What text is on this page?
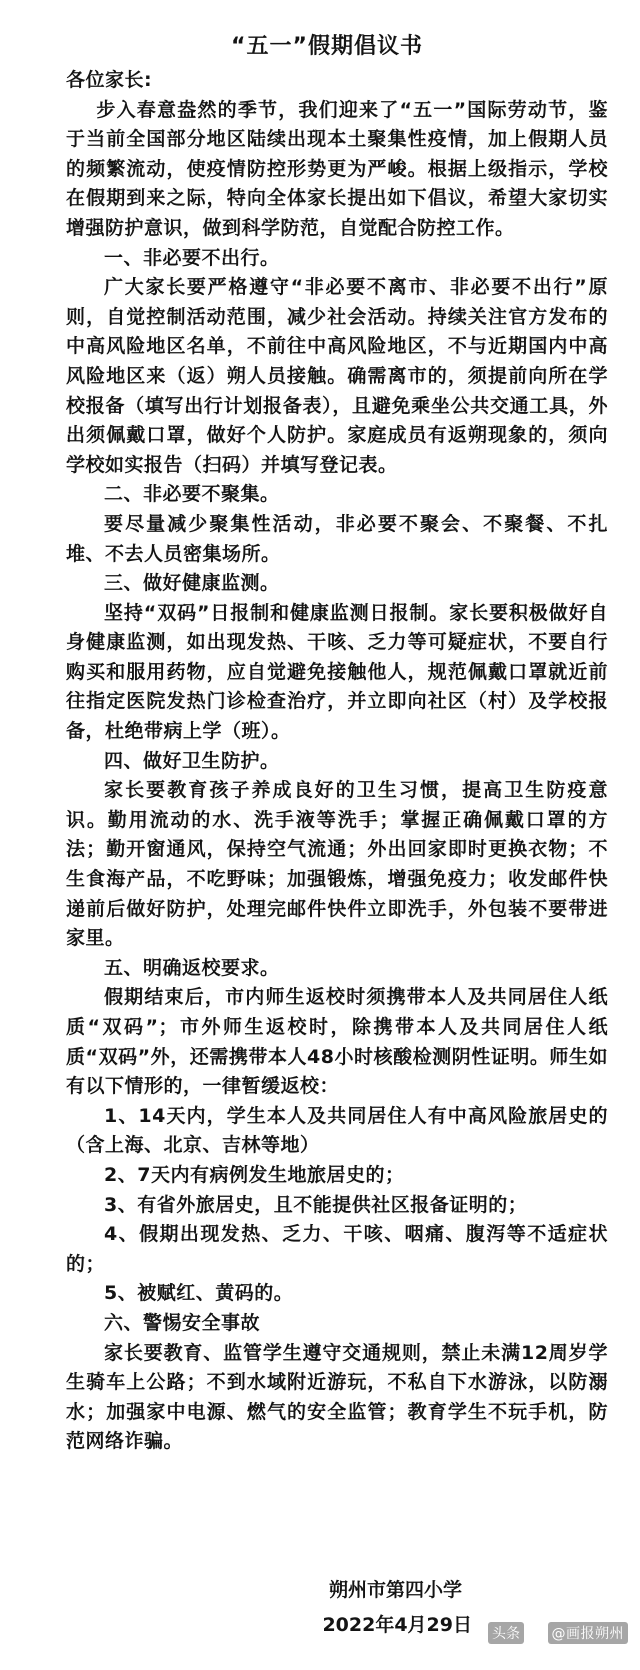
“五一”假期倡议书

各位家长:

步入春意盎然的季节，我们迎来了“五一”国际劳动节，鉴于当前全国部分地区陆续出现本土聚集性疫情，加上假期人员的频繁流动，使疫情防控形势更为严峻。根据上级指示，学校在假期到来之际，特向全体家长提出如下倡议，希望大家切实增强防护意识，做到科学防范，自觉配合防控工作。

一、非必要不出行。

广大家长要严格遵守“非必要不离市、非必要不出行”原则，自觉控制活动范围，减少社会活动。持续关注官方发布的中高风险地区名单，不前往中高风险地区，不与近期国内中高风险地区来（返）朔人员接触。确需离市的，须提前向所在学校报备（填写出行计划报备表），且避免乘坐公共交通工具，外出须佩戴口罩，做好个人防护。家庭成员有返朔现象的，须向学校如实报告（扫码）并填写登记表。

二、非必要不聚集。

要尽量减少聚集性活动，非必要不聚会、不聚餐、不扎堆、不去人员密集场所。

三、做好健康监测。

坚持“双码”日报制和健康监测日报制。家长要积极做好自身健康监测，如出现发热、干咳、乏力等可疑症状，不要自行购买和服用药物，应自觉避免接触他人，规范佩戴口罩就近前往指定医院发热门诊检查治疗，并立即向社区（村）及学校报备，杜绝带病上学（班）。

四、做好卫生防护。

家长要教育孩子养成良好的卫生习惯，提高卫生防疫意识。勤用流动的水、洗手液等洗手；掌握正确佩戴口罩的方法；勤开窗通风，保持空气流通；外出回家即时更换衣物；不生食海产品，不吃野味；加强锻炼，增强免疫力；收发邮件快递前后做好防护，处理完邮件快件立即洗手，外包装不要带进家里。

五、明确返校要求。

假期结束后，市内师生返校时须携带本人及共同居住人纸质“双码”；市外师生返校时，除携带本人及共同居住人纸质“双码”外，还需携带本人48小时核酸检测阴性证明。师生如有以下情形的，一律暂缓返校：

1、14天内，学生本人及共同居住人有中高风险旅居史的（含上海、北京、吉林等地）

2、7天内有病例发生地旅居史的；

3、有省外旅居史，且不能提供社区报备证明的；

4、假期出现发热、乏力、干咳、咽痛、腹泻等不适症状的；

5、被赋红、黄码的。

六、警惕安全事故

家长要教育、监管学生遵守交通规则，禁止未满12周岁学生骑车上公路；不到水域附近游玩，不私自下水游泳，以防溺水；加强家中电源、燃气的安全监管；教育学生不玩手机，防范网络诈骗。

朔州市第四小学
2022年4月29日 头条 @画报朔州
